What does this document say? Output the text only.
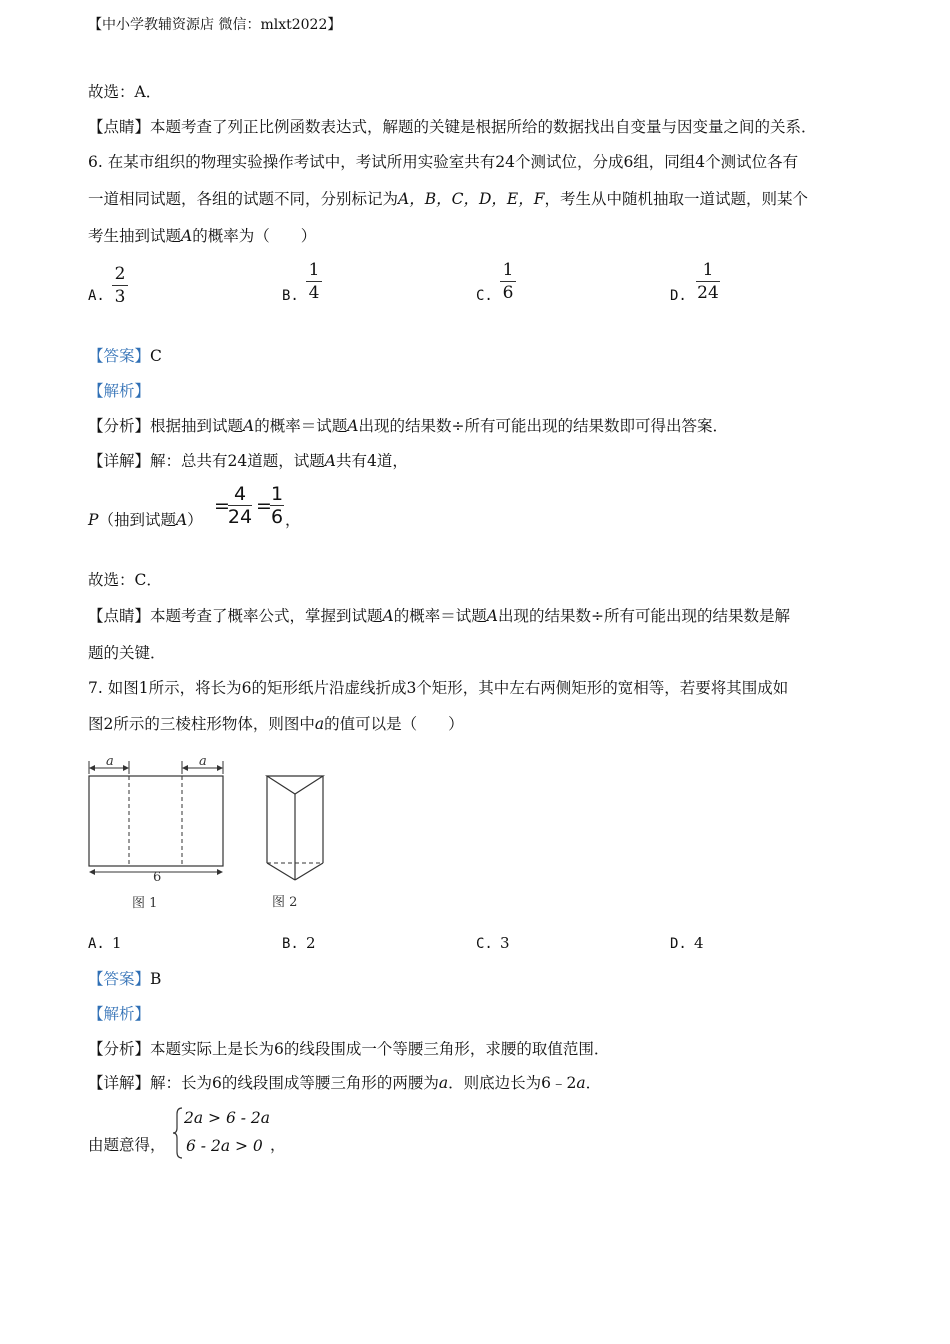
【中小学教辅资源店 微信：mlxt2022】
故选：A．
【点睛】本题考查了列正比例函数表达式，解题的关键是根据所给的数据找出自变量与因变量之间的关系．
6. 在某市组织的物理实验操作考试中，考试所用实验室共有24个测试位，分成6组，同组4个测试位各有
一道相同试题，各组的试题不同，分别标记为A，B，C，D，E，F，考生从中随机抽取一道试题，则某个
考生抽到试题A的概率为（　　）
A.
2
3	B.
1
4	C.
1
6	D.
1
24
【答案】C
【解析】
【分析】根据抽到试题A的概率＝试题A出现的结果数÷所有可能出现的结果数即可得出答案．
【详解】解：总共有24道题，试题A共有4道，
P（抽到试题A）
=
4
24 =
1
6 ，
故选：C．
【点睛】本题考查了概率公式，掌握到试题A的概率＝试题A出现的结果数÷所有可能出现的结果数是解
题的关键．
7. 如图1所示，将长为6的矩形纸片沿虚线折成3个矩形，其中左右两侧矩形的宽相等，若要将其围成如
图2所示的三棱柱形物体，则图中a的值可以是（　　）
a	a
6
图 1	图 2
A. 1	B. 2	C. 3	D. 4
【答案】B
【解析】
【分析】本题实际上是长为6的线段围成一个等腰三角形，求腰的取值范围．
【详解】解：长为6的线段围成等腰三角形的两腰为a．则底边长为6﹣2a．
由题意得，
2a > 6 - 2a
6 - 2a > 0 ，
